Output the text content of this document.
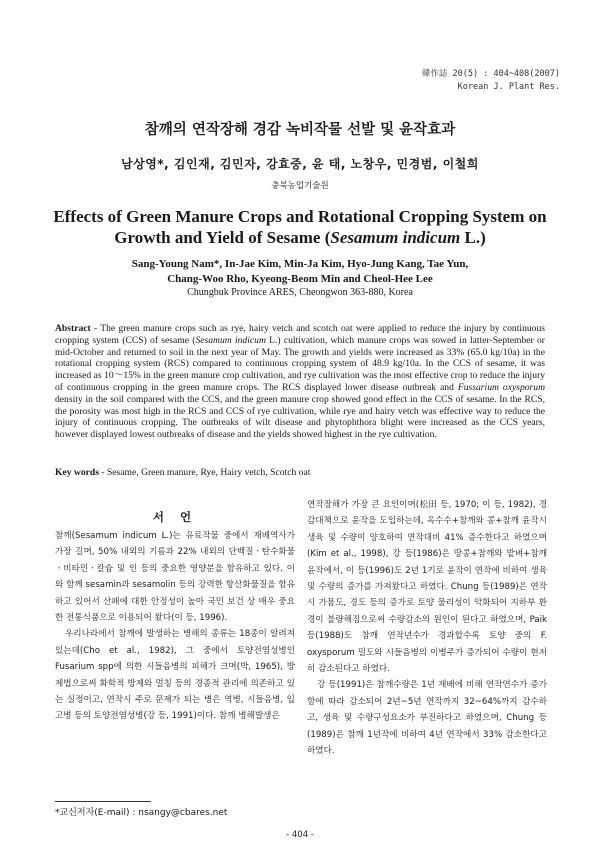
韓作誌 20(5) : 404~408(2007)
Korean J. Plant Res.
참깨의 연작장해 경감 녹비작물 선발 및 윤작효과
남상영*, 김인재, 김민자, 강효중, 윤 태, 노창우, 민경범, 이철희
충북농업기술원
Effects of Green Manure Crops and Rotational Cropping System on Growth and Yield of Sesame (Sesamum indicum L.)
Sang-Young Nam*, In-Jae Kim, Min-Ja Kim, Hyo-Jung Kang, Tae Yun,
Chang-Woo Rho, Kyeong-Beom Min and Cheol-Hee Lee
Chungbuk Province ARES, Cheongwon 363-880, Korea
Abstract - The green manure crops such as rye, hairy vetch and scotch oat were applied to reduce the injury by continuous cropping system (CCS) of sesame (Sesamum indicum L.) cultivation, which manure crops was sowed in latter-September or mid-October and returned to soil in the next year of May. The growth and yields were increased as 33% (65.0 kg/10a) in the rotational cropping system (RCS) compared to continuous cropping system of 48.9 kg/10a. In the CCS of sesame, it was increased as 10～15% in the green manure crop cultivation, and rye cultivation was the most effective crop to reduce the injury of continuous cropping in the green manure crops. The RCS displayed lower disease outbreak and Fussarium oxysporum density in the soil compared with the CCS, and the green manure crop showed good effect in the CCS of sesame. In the RCS, the porosity was most high in the RCS and CCS of rye cultivation, while rye and hairy vetch was effective way to reduce the injury of continuous cropping. The outbreaks of wilt disease and phytophthora blight were increased as the CCS years, however displayed lowest outbreaks of disease and the yields showed highest in the rye cultivation.
Key words - Sesame, Green manure, Rye, Hairy vetch, Scotch oat
서 언

참깨(Sesamum indicum L.)는 유료작물 중에서 재배역사가 가장 길며, 50% 내외의 기름과 22% 내외의 단백질ㆍ탄수화물ㆍ비타민ㆍ칼슘 및 인 등의 중요한 영양분을 함유하고 있다. 이와 함께 sesamin과 sesamolin 등의 강력한 항산화물질을 함유하고 있어서 산패에 대한 안정성이 높아 국민 보건 상 매우 중요한 전통식품으로 이용되어 왔다(이 등, 1996).

우리나라에서 참깨에 발생하는 병해의 종류는 18종이 알려져 있는데(Cho et al., 1982), 그 중에서 토양전염성병인 Fusarium spp에 의한 시들음병의 피해가 크며(박, 1965), 방제법으로써 화학적 방제와 멀칭 등의 경종적 관리에 의존하고 있는 실정이고, 연작시 주로 문제가 되는 병은 역병, 시들음병, 입고병 등의 토양전염성병(강 등, 1991)이다. 참깨 병해발생은

연작장해가 가장 큰 요인이며(松田 등, 1970; 이 등, 1982), 경감대책으로 윤작을 도입하는데, 옥수수+참깨와 콩+참깨 윤작시 생육 및 수량이 양호하여 연작대비 41% 증수한다고 하였으며(Kim et al., 1998), 강 등(1986)은 땅콩+참깨와 밭벼+참깨 윤작에서, 이 등(1996)도 2년 1기로 윤작이 연작에 비하여 생육 및 수량의 증가를 가져왔다고 하였다. Chung 등(1989)은 연작시 가뭄도, 경도 등의 증가로 토양 물리성이 악화되어 지하부 환경이 불량해짐으로써 수량감소의 원인이 된다고 하였으며, Paik 등(1988)도 참깨 연작년수가 경과할수록 토양 중의 F. oxysporum 밀도와 시들음병의 이병주가 증가되어 수량이 현저히 감소된다고 하였다.

강 등(1991)은 참깨수량은 1년 재배에 비해 연작연수가 증가함에 따라 감소되어 2년~5년 연작까지 32~64%까지 감수하고, 생육 및 수량구성요소가 부진하다고 하였으며, Chung 등(1989)은 참깨 1년작에 비하여 4년 연작에서 33% 감소한다고 하였다.

*교신저자(E-mail) : nsangy@cbares.net
- 404 -
